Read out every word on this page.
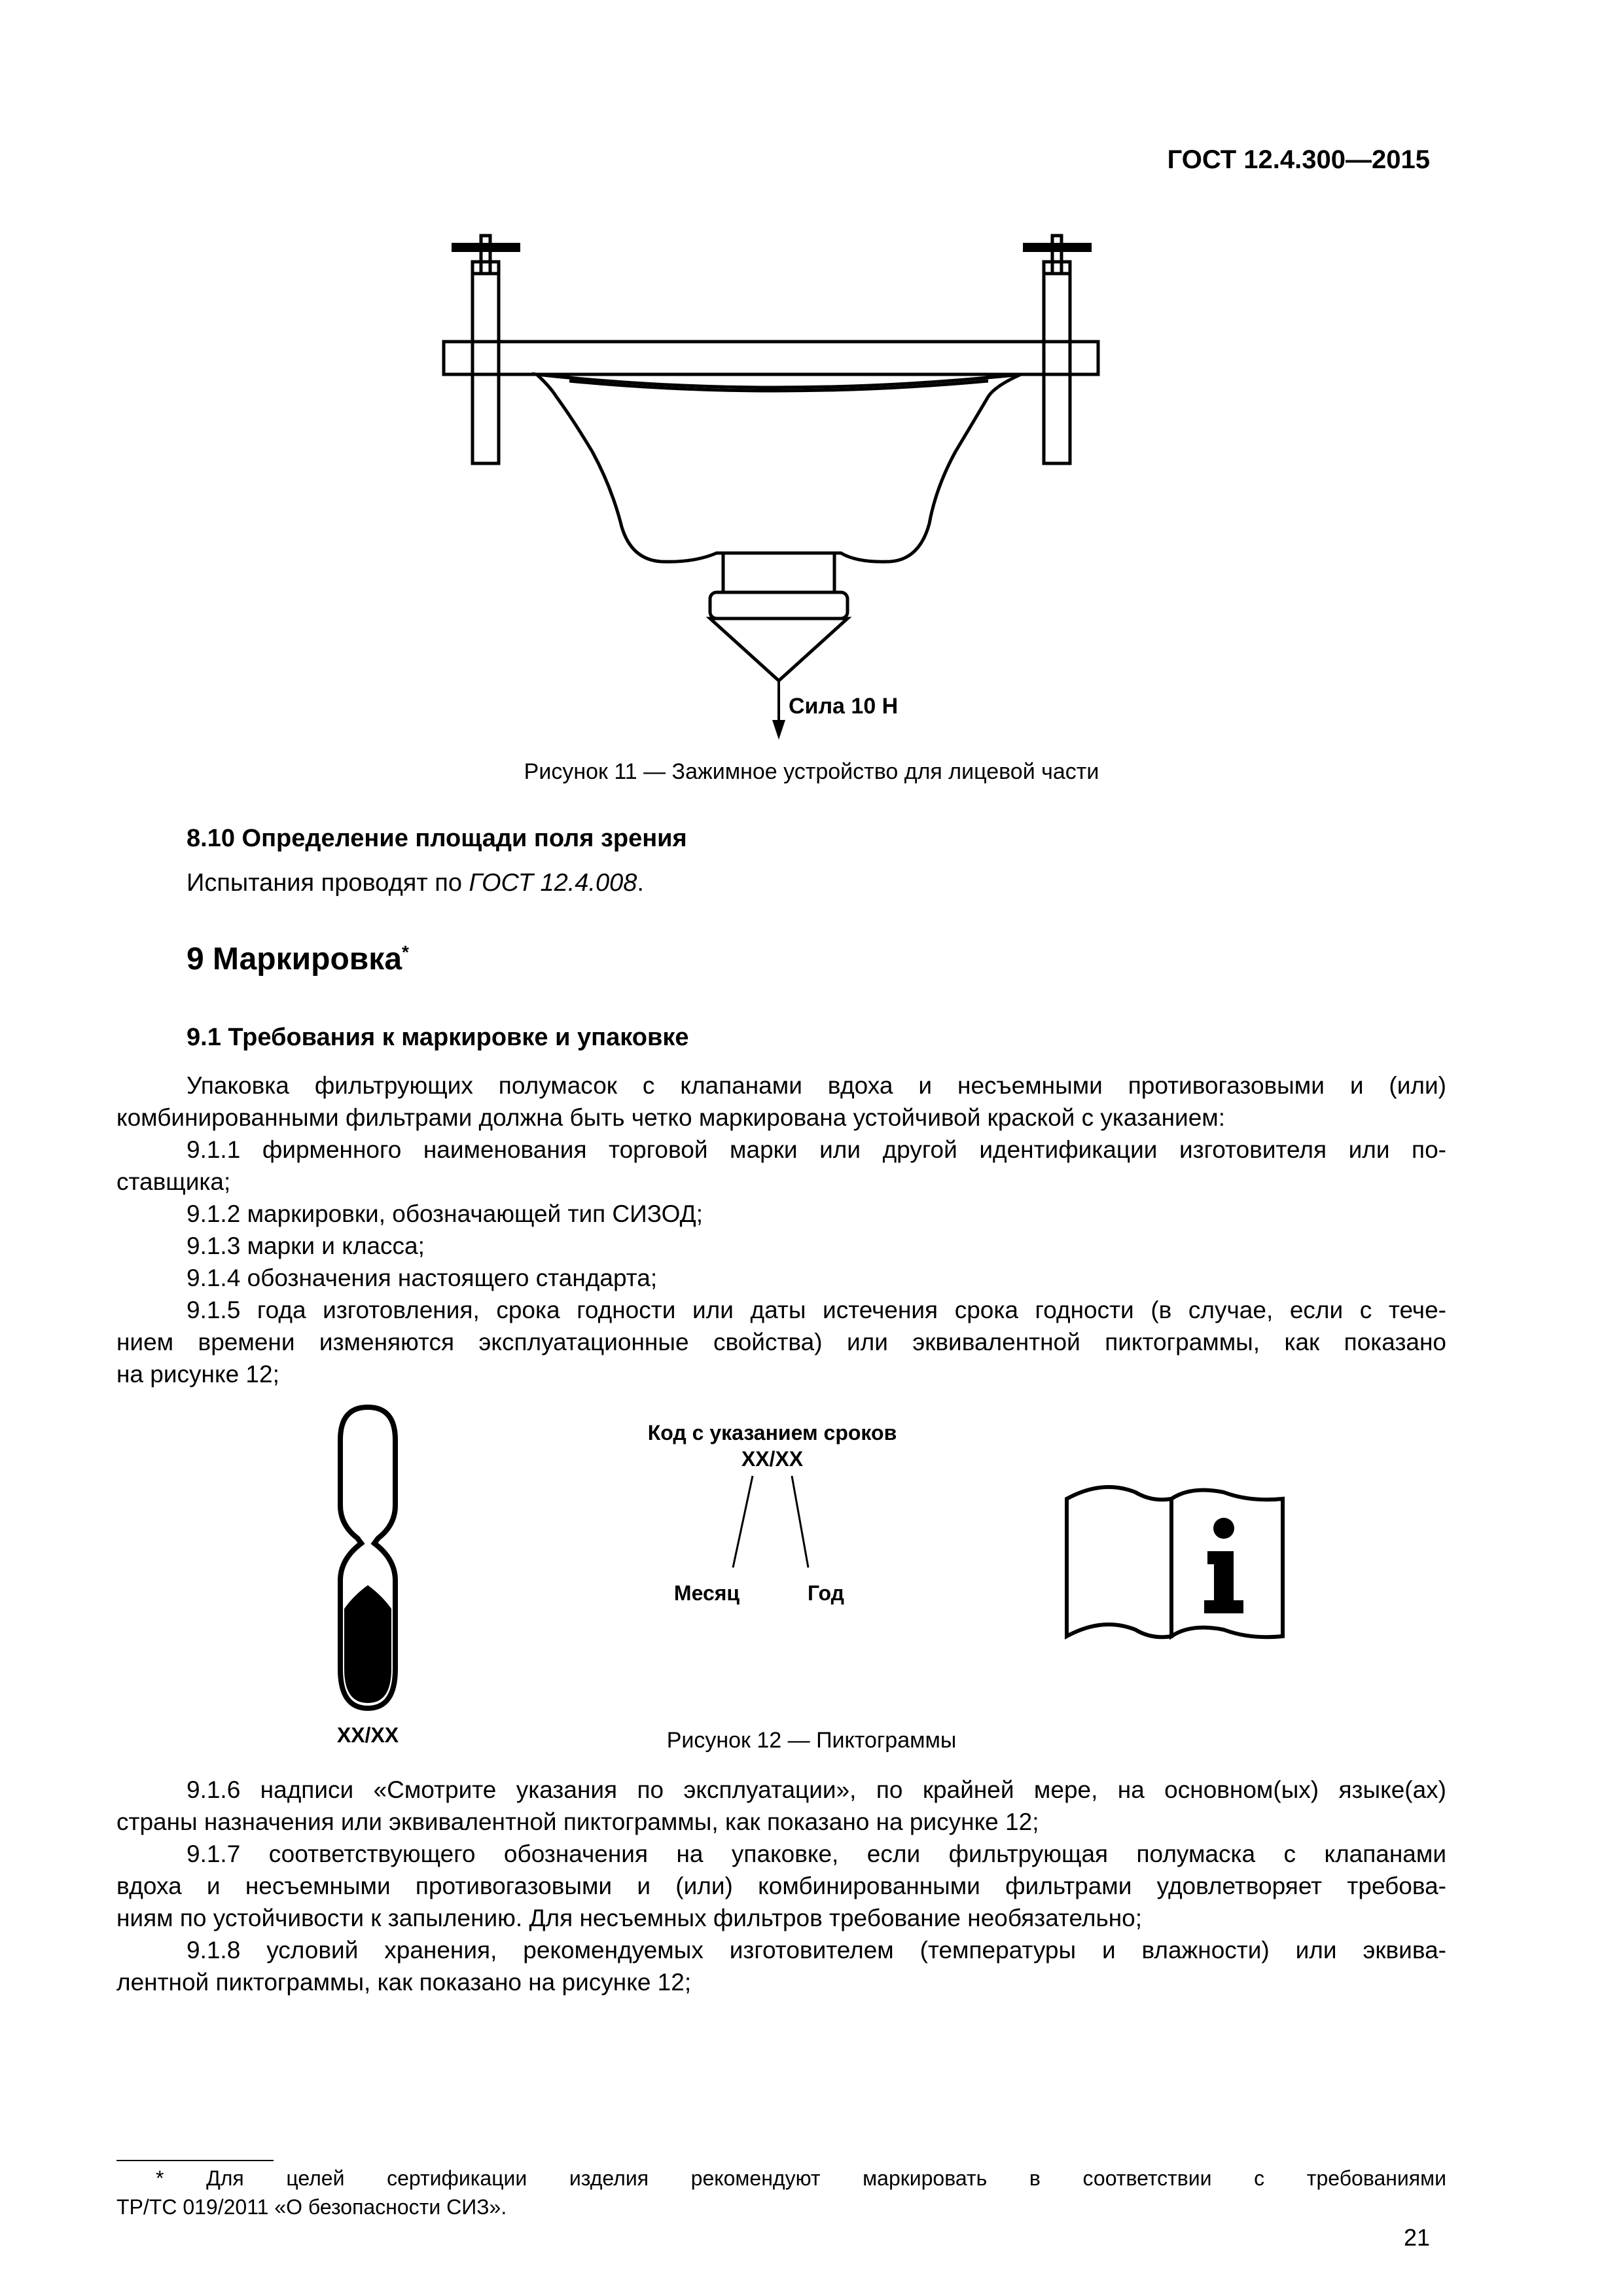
ГОСТ 12.4.300—2015
Сила 10 Н
Рисунок 11 — Зажимное устройство для лицевой части
8.10 Определение площади поля зрения
Испытания проводят по ГОСТ 12.4.008.
9 Маркировка*
9.1 Требования к маркировке и упаковке

Упаковка фильтрующих полумасок с клапанами вдоха и несъемными противогазовыми и (или)

комбинированными фильтрами должна быть четко маркирована устойчивой краской с указанием:

9.1.1 фирменного наименования торговой марки или другой идентификации изготовителя или по-

ставщика;

9.1.2 маркировки, обозначающей тип СИЗОД;

9.1.3 марки и класса;

9.1.4 обозначения настоящего стандарта;

9.1.5 года изготовления, срока годности или даты истечения срока годности (в случае, если с тече-

нием времени изменяются эксплуатационные свойства) или эквивалентной пиктограммы, как показано

на рисунке 12;

XX/XX
Код с указанием сроков
XX/XX
Месяц	Год
Рисунок 12 — Пиктограммы

9.1.6 надписи «Смотрите указания по эксплуатации», по крайней мере, на основном(ых) языке(ах)

страны назначения или эквивалентной пиктограммы, как показано на рисунке 12;

9.1.7 соответствующего обозначения на упаковке, если фильтрующая полумаска с клапанами

вдоха и несъемными противогазовыми и (или) комбинированными фильтрами удовлетворяет требова-

ниям по устойчивости к запылению. Для несъемных фильтров требование необязательно;

9.1.8 условий хранения, рекомендуемых изготовителем (температуры и влажности) или эквива-

лентной пиктограммы, как показано на рисунке 12;

* Для целей сертификации изделия рекомендуют маркировать в соответствии с требованиями

ТР/ТС 019/2011 «О безопасности СИЗ».

21
